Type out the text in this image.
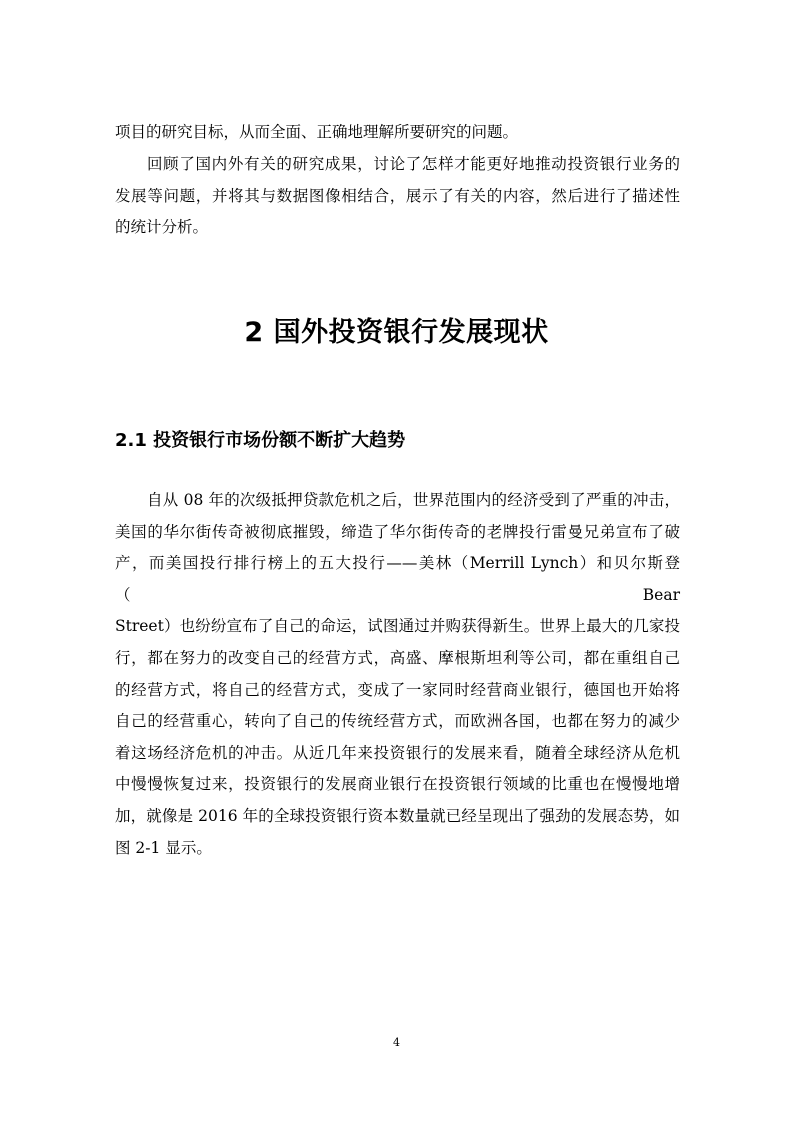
项目的研究目标，从而全面、正确地理解所要研究的问题。
回顾了国内外有关的研究成果，讨论了怎样才能更好地推动投资银行业务的
发展等问题，并将其与数据图像相结合，展示了有关的内容，然后进行了描述性
的统计分析。
2 国外投资银行发展现状
2.1 投资银行市场份额不断扩大趋势
自从 08 年的次级抵押贷款危机之后，世界范围内的经济受到了严重的冲击，
美国的华尔街传奇被彻底摧毁，缔造了华尔街传奇的老牌投行雷曼兄弟宣布了破
产，而美国投行排行榜上的五大投行——美林（Merrill Lynch）和贝尔斯登（Bear
Street）也纷纷宣布了自己的命运，试图通过并购获得新生。世界上最大的几家投
行，都在努力的改变自己的经营方式，高盛、摩根斯坦利等公司，都在重组自己
的经营方式，将自己的经营方式，变成了一家同时经营商业银行，德国也开始将
自己的经营重心，转向了自己的传统经营方式，而欧洲各国，也都在努力的减少
着这场经济危机的冲击。从近几年来投资银行的发展来看，随着全球经济从危机
中慢慢恢复过来，投资银行的发展商业银行在投资银行领域的比重也在慢慢地增
加，就像是 2016 年的全球投资银行资本数量就已经呈现出了强劲的发展态势，如
图 2-1 显示。
4
